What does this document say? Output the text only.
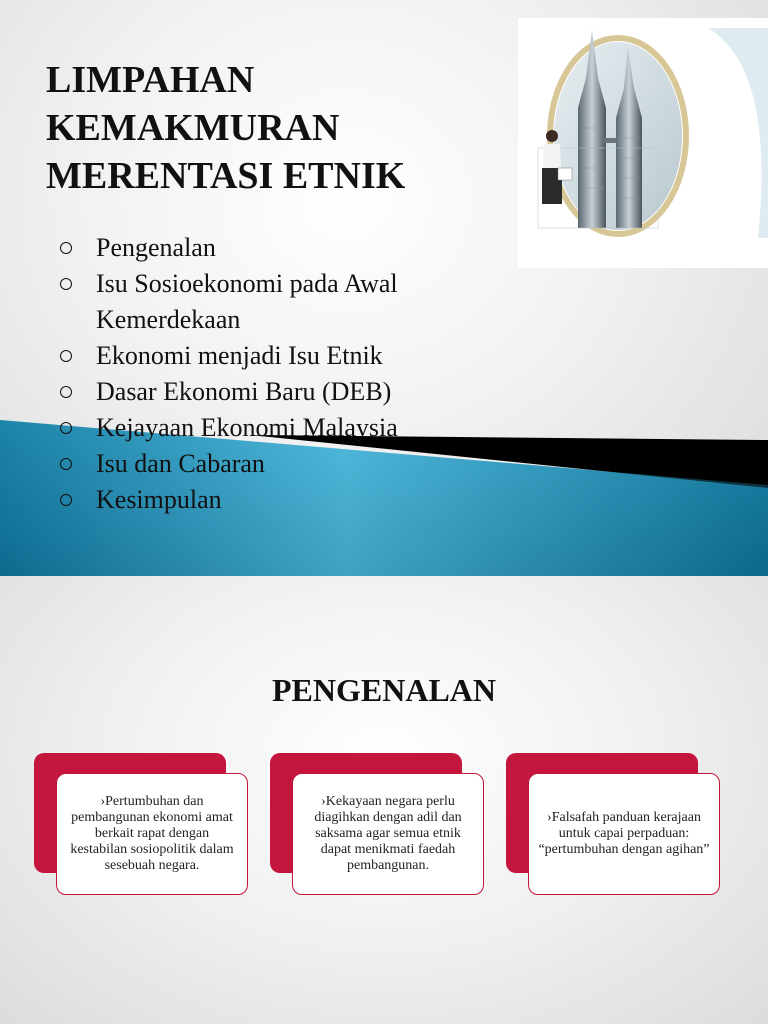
LIMPAHAN
KEMAKMURAN
MERENTASI ETNIK
Pengenalan
Isu Sosioekonomi pada Awal
Kemerdekaan
Ekonomi menjadi Isu Etnik
Dasar Ekonomi Baru (DEB)
Kejayaan Ekonomi Malaysia
Isu dan Cabaran
Kesimpulan
PENGENALAN
›Pertumbuhan dan pembangunan ekonomi amat berkait rapat dengan kestabilan sosiopolitik dalam sesebuah negara.
›Kekayaan negara perlu diagihkan dengan adil dan saksama agar semua etnik dapat menikmati faedah pembangunan.
›Falsafah panduan kerajaan untuk capai perpaduan: “pertumbuhan dengan agihan”
